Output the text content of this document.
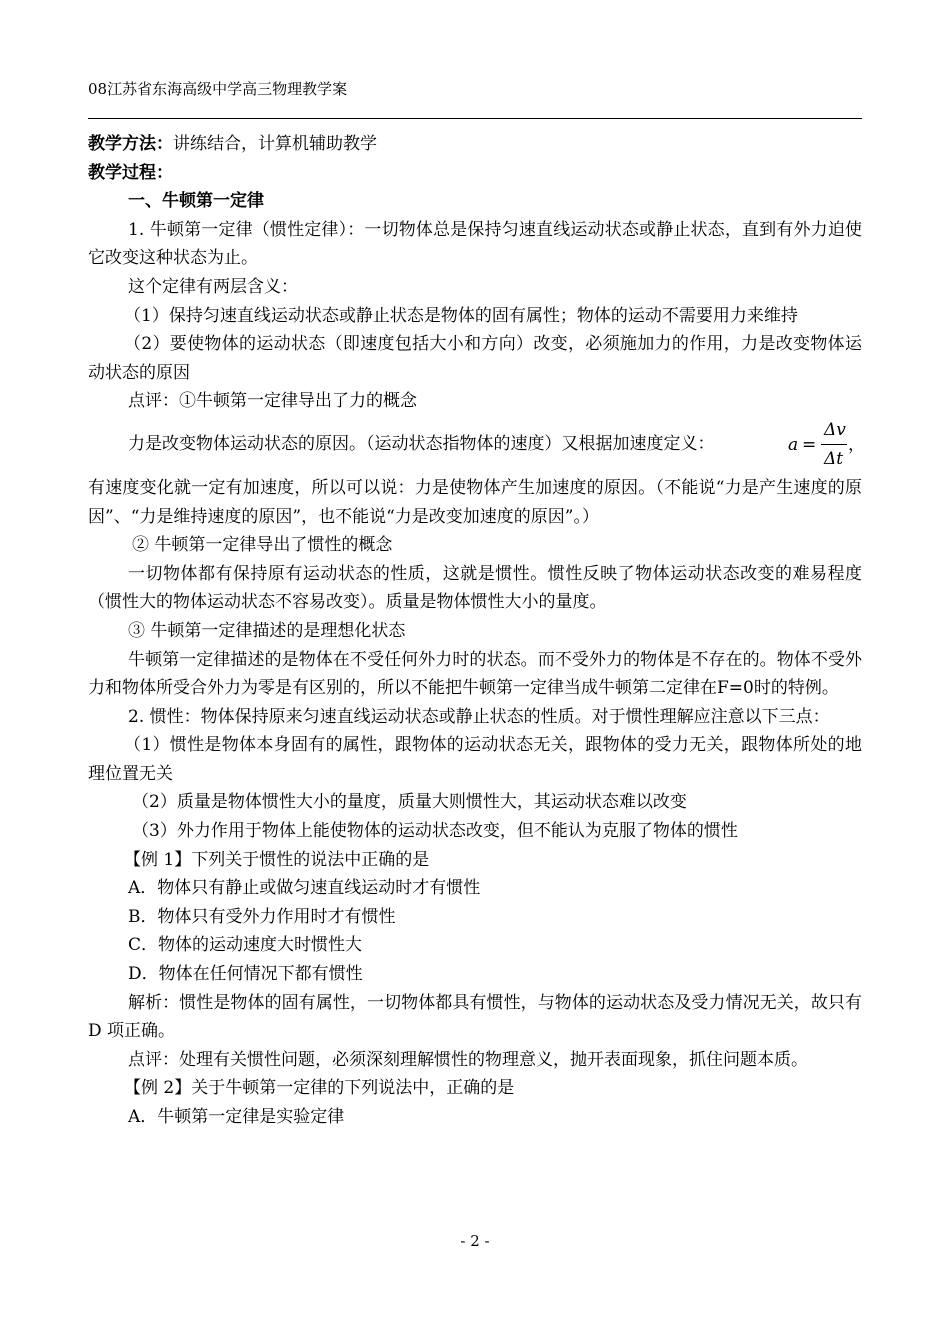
08江苏省东海高级中学高三物理教学案

教学方法：讲练结合，计算机辅助教学

教学过程：

一、牛顿第一定律

1. 牛顿第一定律（惯性定律）：一切物体总是保持匀速直线运动状态或静止状态，直到有外力迫使它改变这种状态为止。

这个定律有两层含义：

（1）保持匀速直线运动状态或静止状态是物体的固有属性；物体的运动不需要用力来维持

（2）要使物体的运动状态（即速度包括大小和方向）改变，必须施加力的作用，力是改变物体运动状态的原因

点评：①牛顿第一定律导出了力的概念

力是改变物体运动状态的原因。（运动状态指物体的速度）又根据加速度定义：	a =
Δv
Δt
，

有速度变化就一定有加速度，所以可以说：力是使物体产生加速度的原因。（不能说“力是产生速度的原因”、“力是维持速度的原因”，也不能说“力是改变加速度的原因”。）

② 牛顿第一定律导出了惯性的概念

一切物体都有保持原有运动状态的性质，这就是惯性。惯性反映了物体运动状态改变的难易程度（惯性大的物体运动状态不容易改变）。质量是物体惯性大小的量度。

③ 牛顿第一定律描述的是理想化状态

牛顿第一定律描述的是物体在不受任何外力时的状态。而不受外力的物体是不存在的。物体不受外力和物体所受合外力为零是有区别的，所以不能把牛顿第一定律当成牛顿第二定律在F=0时的特例。

2. 惯性：物体保持原来匀速直线运动状态或静止状态的性质。对于惯性理解应注意以下三点：

（1）惯性是物体本身固有的属性，跟物体的运动状态无关，跟物体的受力无关，跟物体所处的地理位置无关

（2）质量是物体惯性大小的量度，质量大则惯性大，其运动状态难以改变

（3）外力作用于物体上能使物体的运动状态改变，但不能认为克服了物体的惯性

【例 1】下列关于惯性的说法中正确的是

A．物体只有静止或做匀速直线运动时才有惯性

B．物体只有受外力作用时才有惯性

C．物体的运动速度大时惯性大

D．物体在任何情况下都有惯性

解析：惯性是物体的固有属性，一切物体都具有惯性，与物体的运动状态及受力情况无关，故只有 D 项正确。

点评：处理有关惯性问题，必须深刻理解惯性的物理意义，抛开表面现象，抓住问题本质。

【例 2】关于牛顿第一定律的下列说法中，正确的是

A．牛顿第一定律是实验定律

- 2 -
